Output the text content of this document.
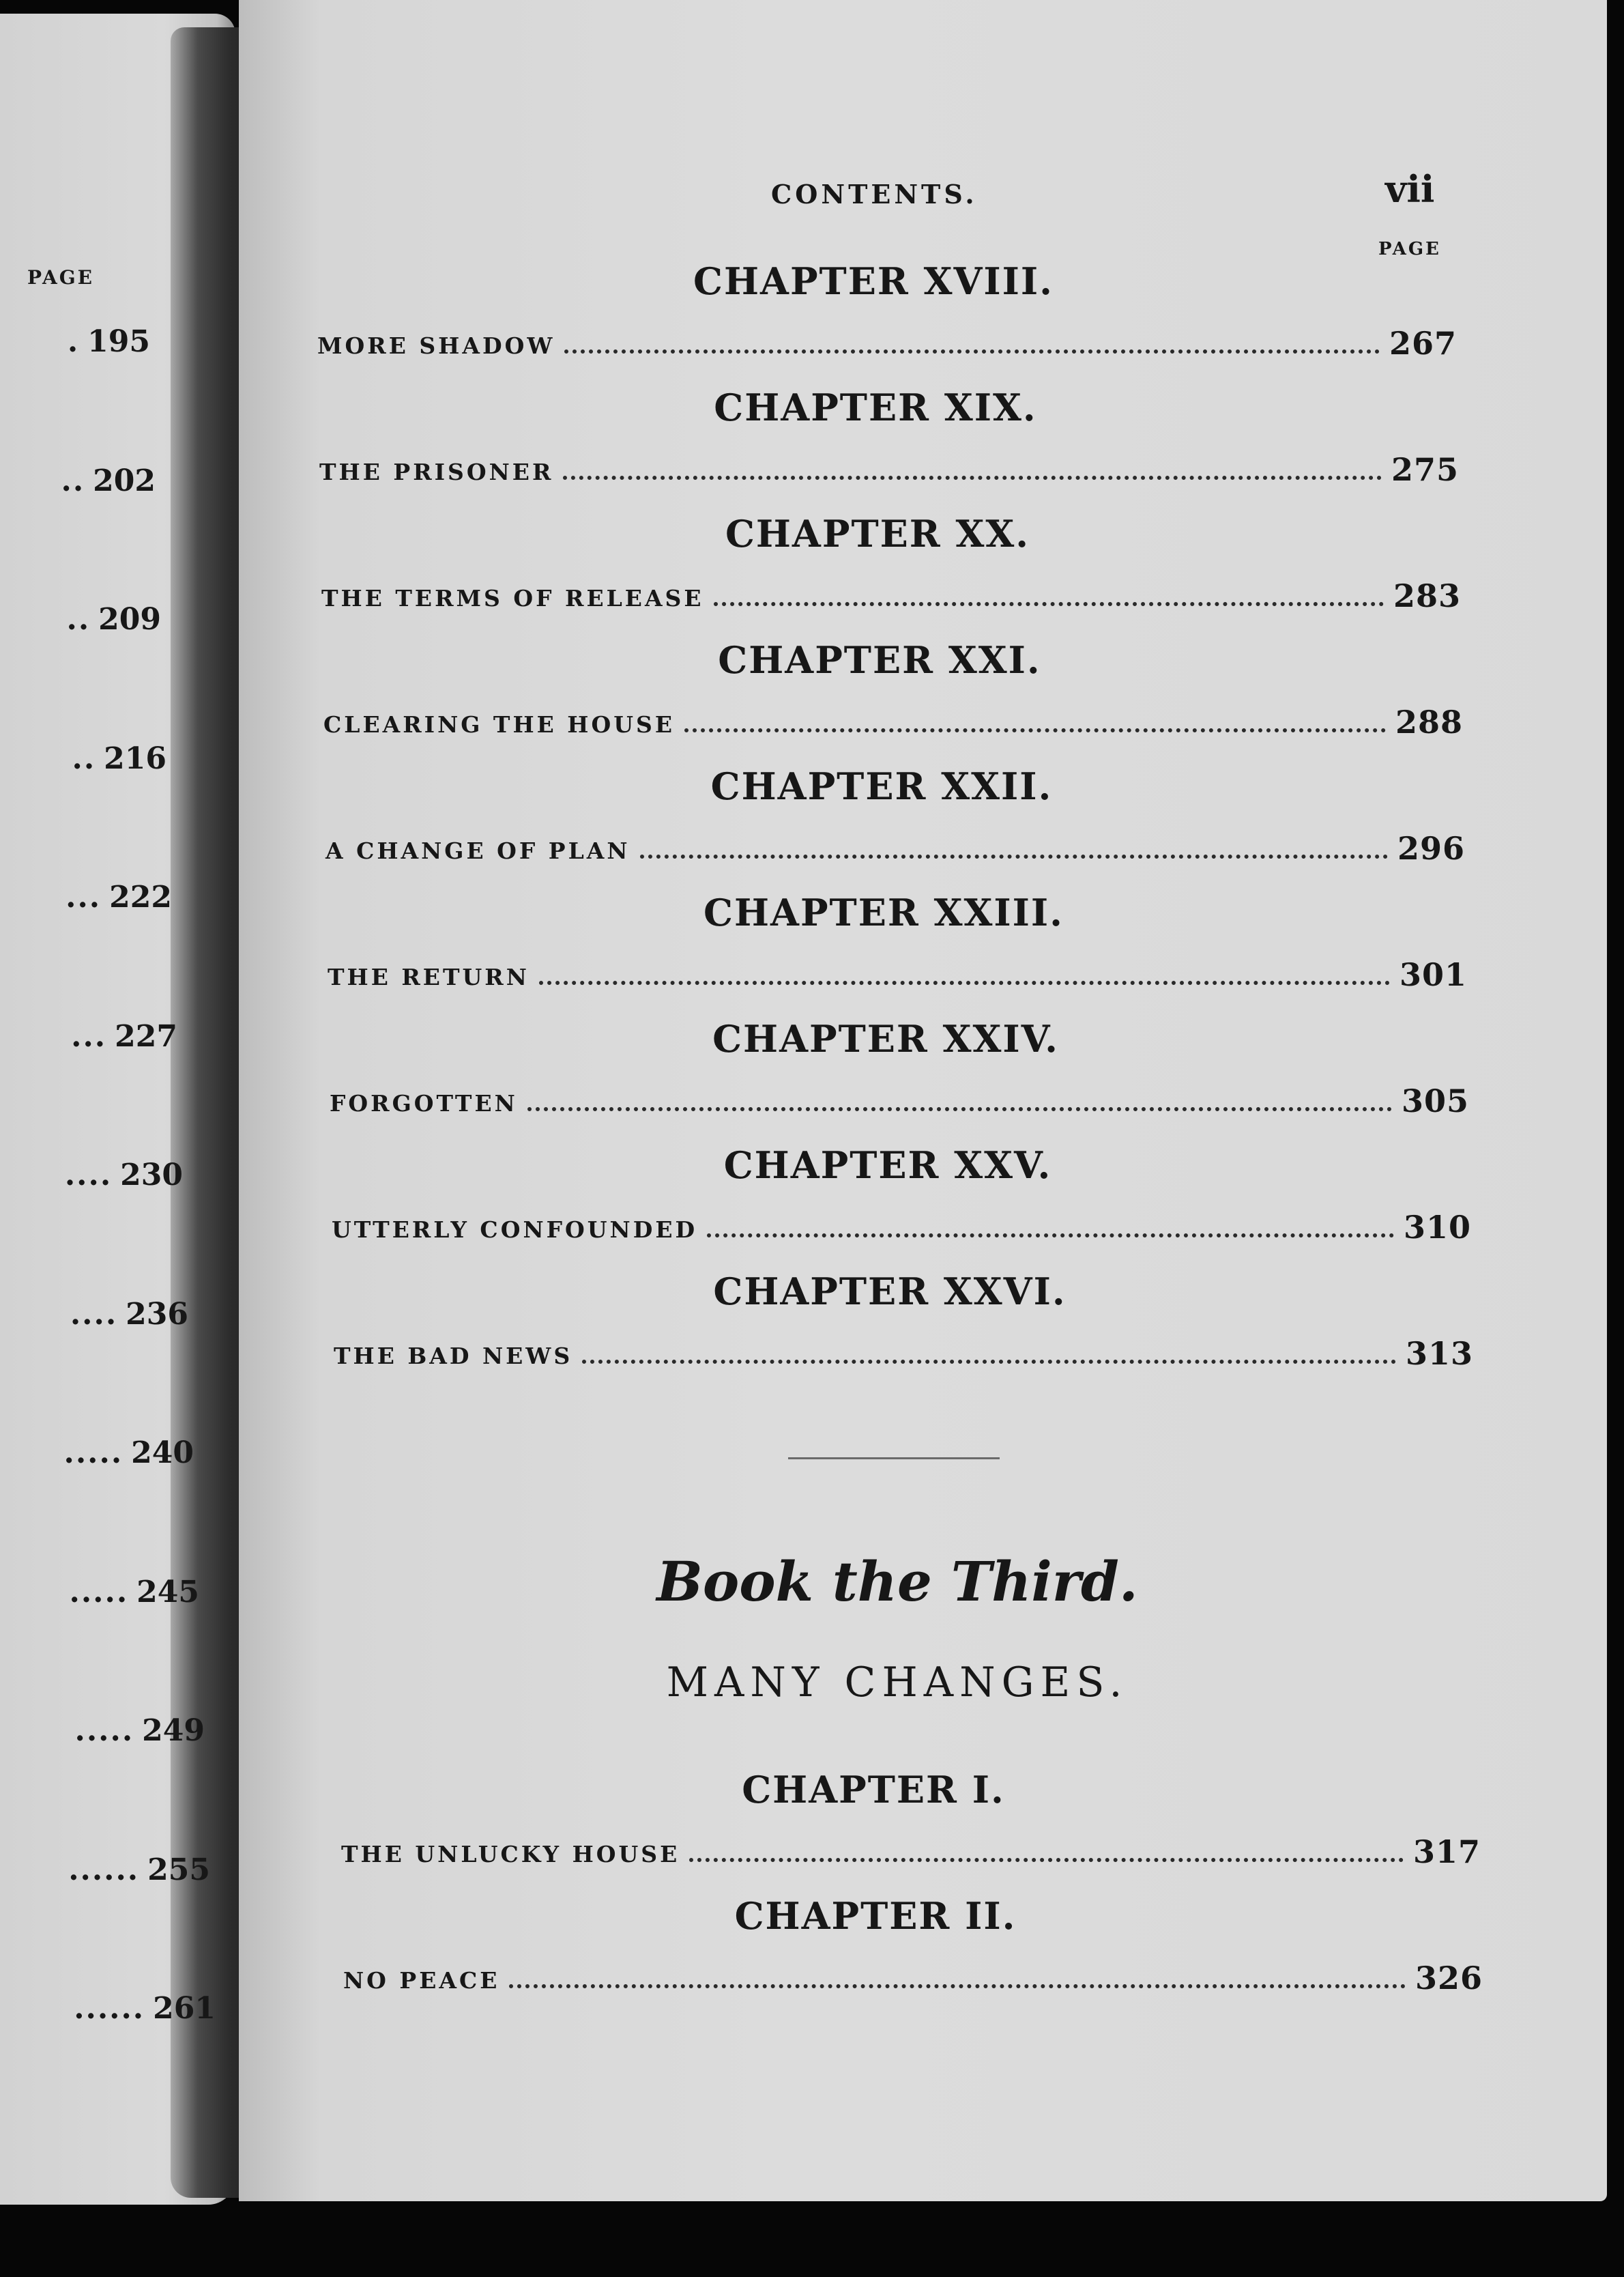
PAGE
CONTENTS.	vii
PAGE
. 195
.. 202
.. 209
.. 216
... 222
... 227
.... 230
.... 236
..... 240
..... 245
..... 249
...... 255
...... 261
CHAPTER XVIII.
MORE SHADOW	267
CHAPTER XIX.
THE PRISONER	275
CHAPTER XX.
THE TERMS OF RELEASE	283
CHAPTER XXI.
CLEARING THE HOUSE	288
CHAPTER XXII.
A CHANGE OF PLAN	296
CHAPTER XXIII.
THE RETURN	301
CHAPTER XXIV.
FORGOTTEN	305
CHAPTER XXV.
UTTERLY CONFOUNDED	310
CHAPTER XXVI.
THE BAD NEWS	313
Book the Third.
MANY CHANGES.
CHAPTER I.
THE UNLUCKY HOUSE	317
CHAPTER II.
NO PEACE	326
